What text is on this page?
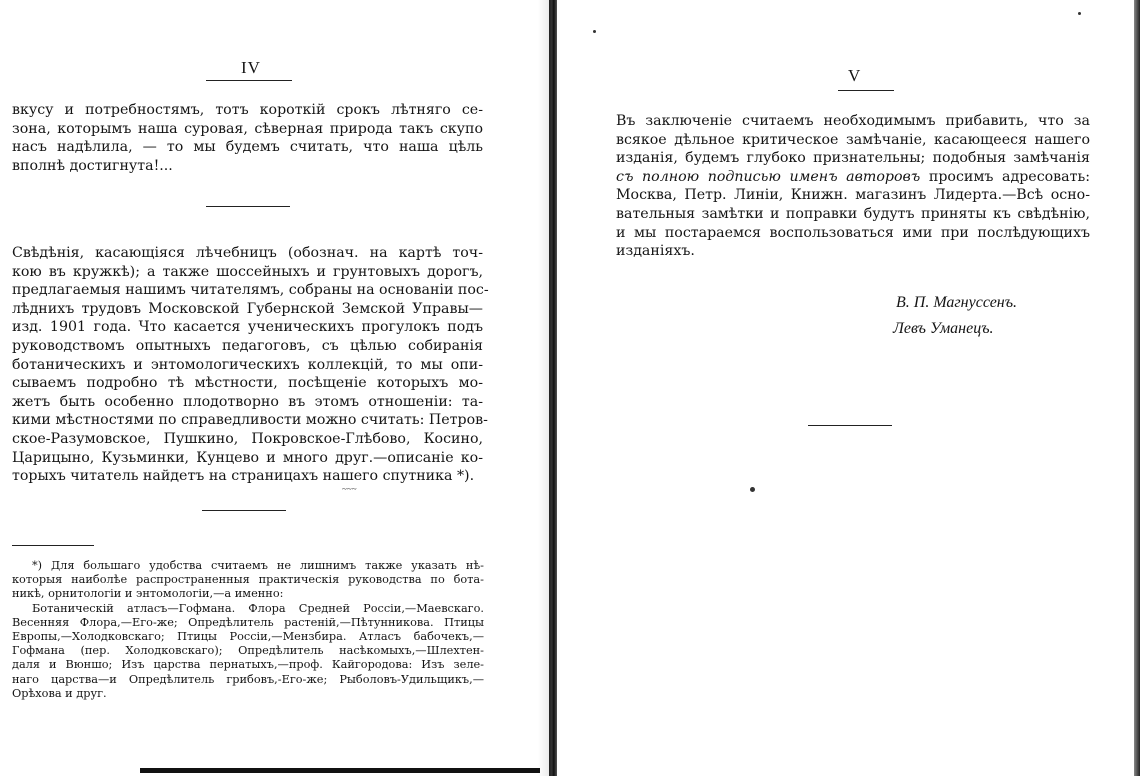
IV

вкусу и потребностямъ, тотъ короткій срокъ лѣтняго се-
зона, которымъ наша суровая, сѣверная природа такъ скупо
насъ надѣлила, — то мы будемъ считать, что наша цѣль
вполнѣ достигнута!...

Свѣдѣнія, касающіяся лѣчебницъ (обознач. на картѣ точ-
кою въ кружкѣ); а также шоссейныхъ и грунтовыхъ дорогъ,
предлагаемыя нашимъ читателямъ, собраны на основаніи пос-
лѣднихъ трудовъ Московской Губернской Земской Управы—
изд. 1901 года. Что касается ученическихъ прогулокъ подъ
руководствомъ опытныхъ педагоговъ, съ цѣлью собиранія
ботаническихъ и энтомологическихъ коллекцій, то мы опи-
сываемъ подробно тѣ мѣстности, посѣщеніе которыхъ мо-
жетъ быть особенно плодотворно въ этомъ отношеніи: та-
кими мѣстностями по справедливости можно считать: Петров-
ское-Разумовское, Пушкино, Покровское-Глѣбово, Косино,
Царицыно, Кузьминки, Кунцево и много друг.—описаніе ко-
торыхъ читатель найдетъ на страницахъ нашего спутника *).

~~~

*) Для большаго удобства считаемъ не лишнимъ также указать нѣ-
которыя наиболѣе распространенныя практическія руководства по бота-
никѣ, орнитологіи и энтомологіи,—а именно:
Ботаническій атласъ—Гофмана. Флора Средней Россіи,—Маевскаго.
Весенняя Флора,—Его-же; Опредѣлитель растеній,—Пѣтунникова. Птицы
Европы,—Холодковскаго; Птицы Россіи,—Мензбира. Атласъ бабочекъ,—
Гофмана (пер. Холодковскаго); Опредѣлитель насѣкомыхъ,—Шлехтен-
даля и Вюншо; Изъ царства пернатыхъ,—проф. Кайгородова: Изъ зеле-
наго царства—и Опредѣлитель грибовъ,-Его-же; Рыболовъ-Удильщикъ,—
Орѣхова и друг.

V

Въ заключеніе считаемъ необходимымъ прибавить, что за
всякое дѣльное критическое замѣчаніе, касающееся нашего
изданія, будемъ глубоко признательны; подобныя замѣчанія
съ полною подписью именъ авторовъ просимъ адресовать:
Москва, Петр. Линіи, Книжн. магазинъ Лидерта.—Всѣ осно-
вательныя замѣтки и поправки будутъ приняты къ свѣдѣнію,
и мы постараемся воспользоваться ими при послѣдующихъ
изданіяхъ.

В. П. Магнуссенъ.
Левъ Уманецъ.
